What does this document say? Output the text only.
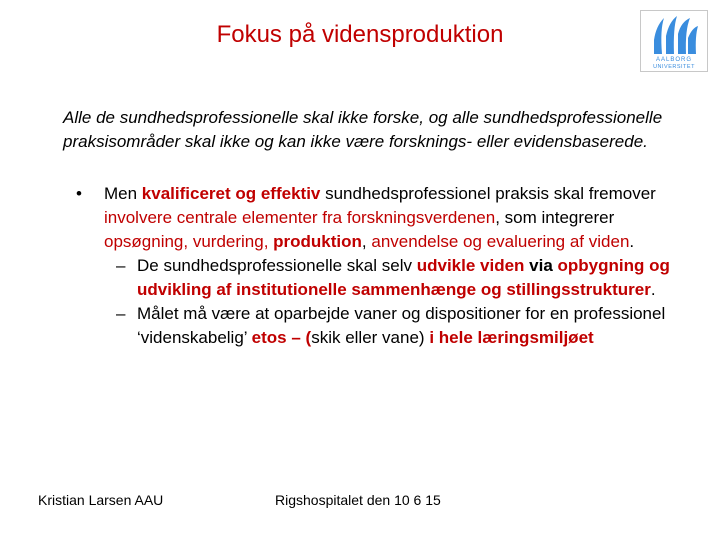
Fokus på vidensproduktion
AALBORG
UNIVERSITET
Alle de sundhedsprofessionelle skal ikke forske, og alle sundhedsprofessionelle praksisområder skal ikke og kan ikke være forsknings- eller evidensbaserede.
• Men kvalificeret og effektiv sundhedsprofessionel praksis skal fremover involvere centrale elementer fra forskningsverdenen, som integrerer opsøgning, vurdering, produktion, anvendelse og evaluering af viden.
– De sundhedsprofessionelle skal selv udvikle viden via opbygning og udvikling af institutionelle sammenhænge og stillingsstrukturer.
– Målet må være at oparbejde vaner og dispositioner for en professionel ‘videnskabelig’ etos – (skik eller vane) i hele læringsmiljøet
Kristian Larsen AAU	Rigshospitalet den 10 6 15
